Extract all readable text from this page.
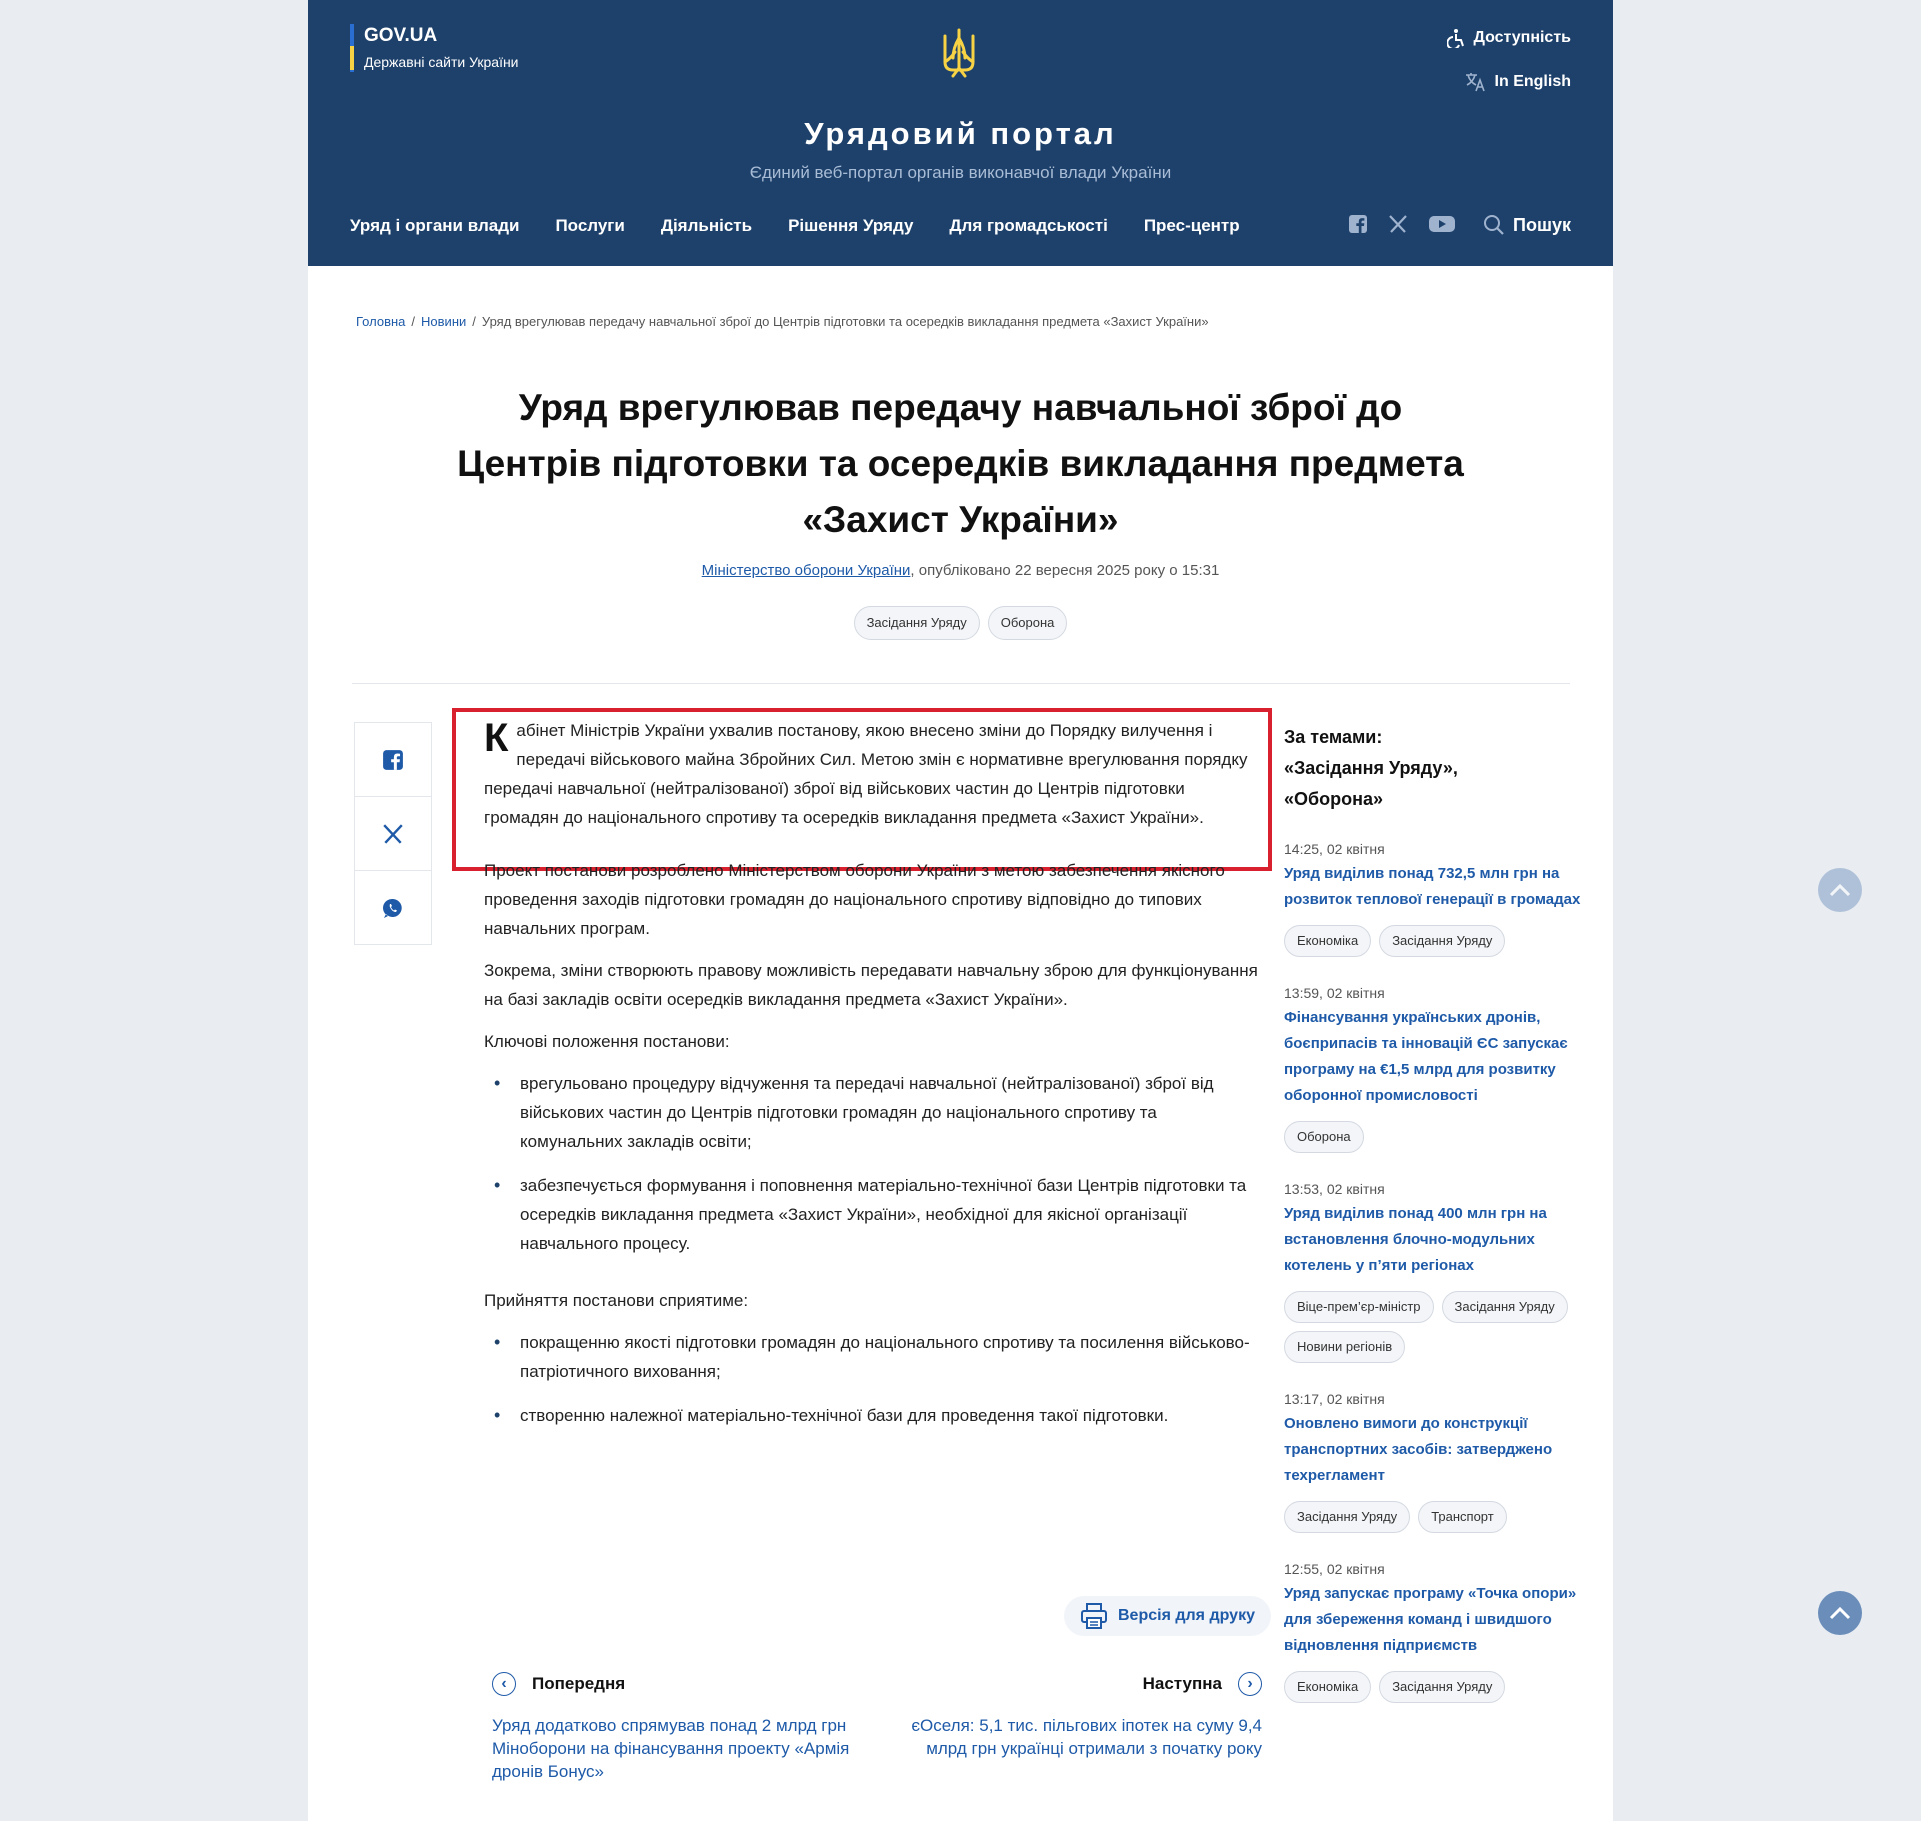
GOV.UA
Державні сайти України
Доступність
In English
Урядовий портал
Єдиний веб-портал органів виконавчої влади України
Уряд і органи влади Послуги Діяльність Рішення Уряду Для громадськості Прес-центр	Пошук
Головна / Новини / Уряд врегулював передачу навчальної зброї до Центрів підготовки та осередків викладання предмета «Захист України»
Уряд врегулював передачу навчальної зброї до
Центрів підготовки та осередків викладання предмета
«Захист України»
Міністерство оборони України, опубліковано 22 вересня 2025 року о 15:31
Засідання Уряду	Оборона

Кабінет Міністрів України ухвалив постанову, якою внесено зміни до Порядку вилучення і передачі військового майна Збройних Сил. Метою змін є нормативне врегулювання порядку передачі навчальної (нейтралізованої) зброї від військових частин до Центрів підготовки громадян до національного спротиву та осередків викладання предмета «Захист України».

Проект постанови розроблено Міністерством оборони України з метою забезпечення якісного проведення заходів підготовки громадян до національного спротиву відповідно до типових навчальних програм.

Зокрема, зміни створюють правову можливість передавати навчальну зброю для функціонування на базі закладів освіти осередків викладання предмета «Захист України».

Ключові положення постанови:

• врегульовано процедуру відчуження та передачі навчальної (нейтралізованої) зброї від військових частин до Центрів підготовки громадян до національного спротиву та комунальних закладів освіти;
• забезпечується формування і поповнення матеріально-технічної бази Центрів підготовки та осередків викладання предмета «Захист України», необхідної для якісної організації навчального процесу.

Прийняття постанови сприятиме:

• покращенню якості підготовки громадян до національного спротиву та посилення військово-патріотичного виховання;
• створенню належної матеріально-технічної бази для проведення такої підготовки.
Версія для друку
‹	Попередня
Уряд додатково спрямував понад 2 млрд грн Міноборони на фінансування проекту «Армія дронів Бонус»
Наступна	›
єОселя: 5,1 тис. пільгових іпотек на суму 9,4 млрд грн українці отримали з початку року
За темами:
«Засідання Уряду»,
«Оборона»
14:25, 02 квітня
Уряд виділив понад 732,5 млн грн на розвиток теплової генерації в громадах
Економіка	Засідання Уряду
13:59, 02 квітня
Фінансування українських дронів, боєприпасів та інновацій ЄС запускає програму на €1,5 млрд для розвитку оборонної промисловості
Оборона
13:53, 02 квітня
Уряд виділив понад 400 млн грн на встановлення блочно-модульних котелень у п’яти регіонах
Віце-прем’єр-міністр	Засідання Уряду
Новини регіонів
13:17, 02 квітня
Оновлено вимоги до конструкції транспортних засобів: затверджено техрегламент
Засідання Уряду	Транспорт
12:55, 02 квітня
Уряд запускає програму «Точка опори» для збереження команд і швидшого відновлення підприємств
Економіка	Засідання Уряду
